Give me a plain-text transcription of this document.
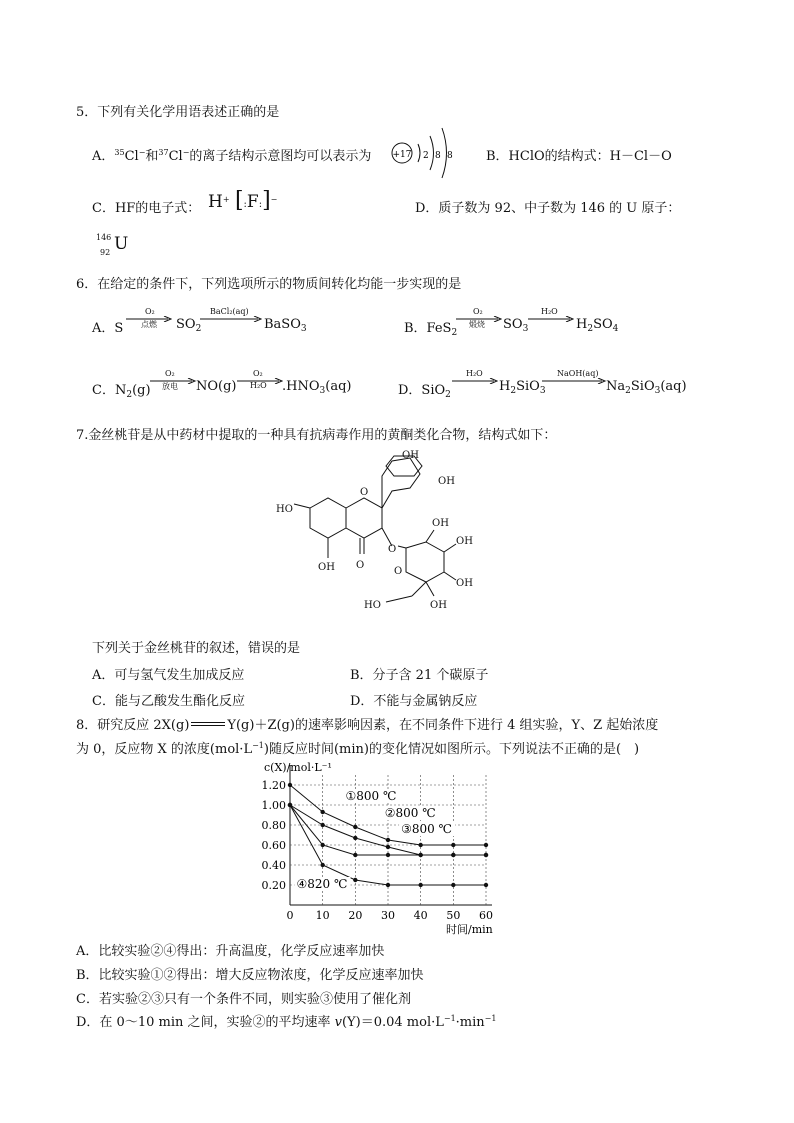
5．下列有关化学用语表述正确的是
A．$^{35}$Cl−和$^{37}$Cl−的离子结构示意图均可以表示为 +17 2 8 8	B．HClO的结构式：H－Cl－O
C．HF的电子式： H+ [:F:]−
D．质子数为 92、中子数为 146 的 U 原子：
146
92 U
6．在给定的条件下，下列选项所示的物质间转化均能一步实现的是
A．S
O₂
点燃 $SO_2$
BaCl₂(aq)
BaSO$_3$	B．FeS$_2$
O₂
煅烧 $SO_3$
H₂O
$H_2SO_4$
C．$N_2(g)$
O₂
放电 NO(g)
O₂
H₂O $.HNO_3(aq)$	D．SiO$_2$
H₂O
$H_2SiO_3$
NaOH(aq)
$Na_2SiO_3(aq)$
7.金丝桃苷是从中药材中提取的一种具有抗病毒作用的黄酮类化合物，结构式如下：
OH
OH
HO
O
O
OH
OH
O
O
OH
OH
HO
OH
下列关于金丝桃苷的叙述，错误的是
A．可与氢气发生加成反应	B．分子含 21 个碳原子
C．能与乙酸发生酯化反应	D．不能与金属钠反应
8．研究反应 2X(g)	Y(g)＋Z(g)的速率影响因素，在不同条件下进行 4 组实验，Y、Z 起始浓度
为 0，反应物 X 的浓度$(mol\cdot L^{-1})$随反应时间(min)的变化情况如图所示。下列说法不正确的是(　)
0.20
0.40
0.60
0.80
1.00
1.20
0 10 20 30 40 50 60
c(X)/mol·L⁻¹
时间/min
①800 ℃
②800 ℃
③800 ℃
④820 ℃
A．比较实验②④得出：升高温度，化学反应速率加快
B．比较实验①②得出：增大反应物浓度，化学反应速率加快
C．若实验②③只有一个条件不同，则实验③使用了催化剂
D．在 0～10 min 之间，实验②的平均速率 v(Y)＝0.04 $mol\cdot L^{-1}\cdot\min^{-1}$
